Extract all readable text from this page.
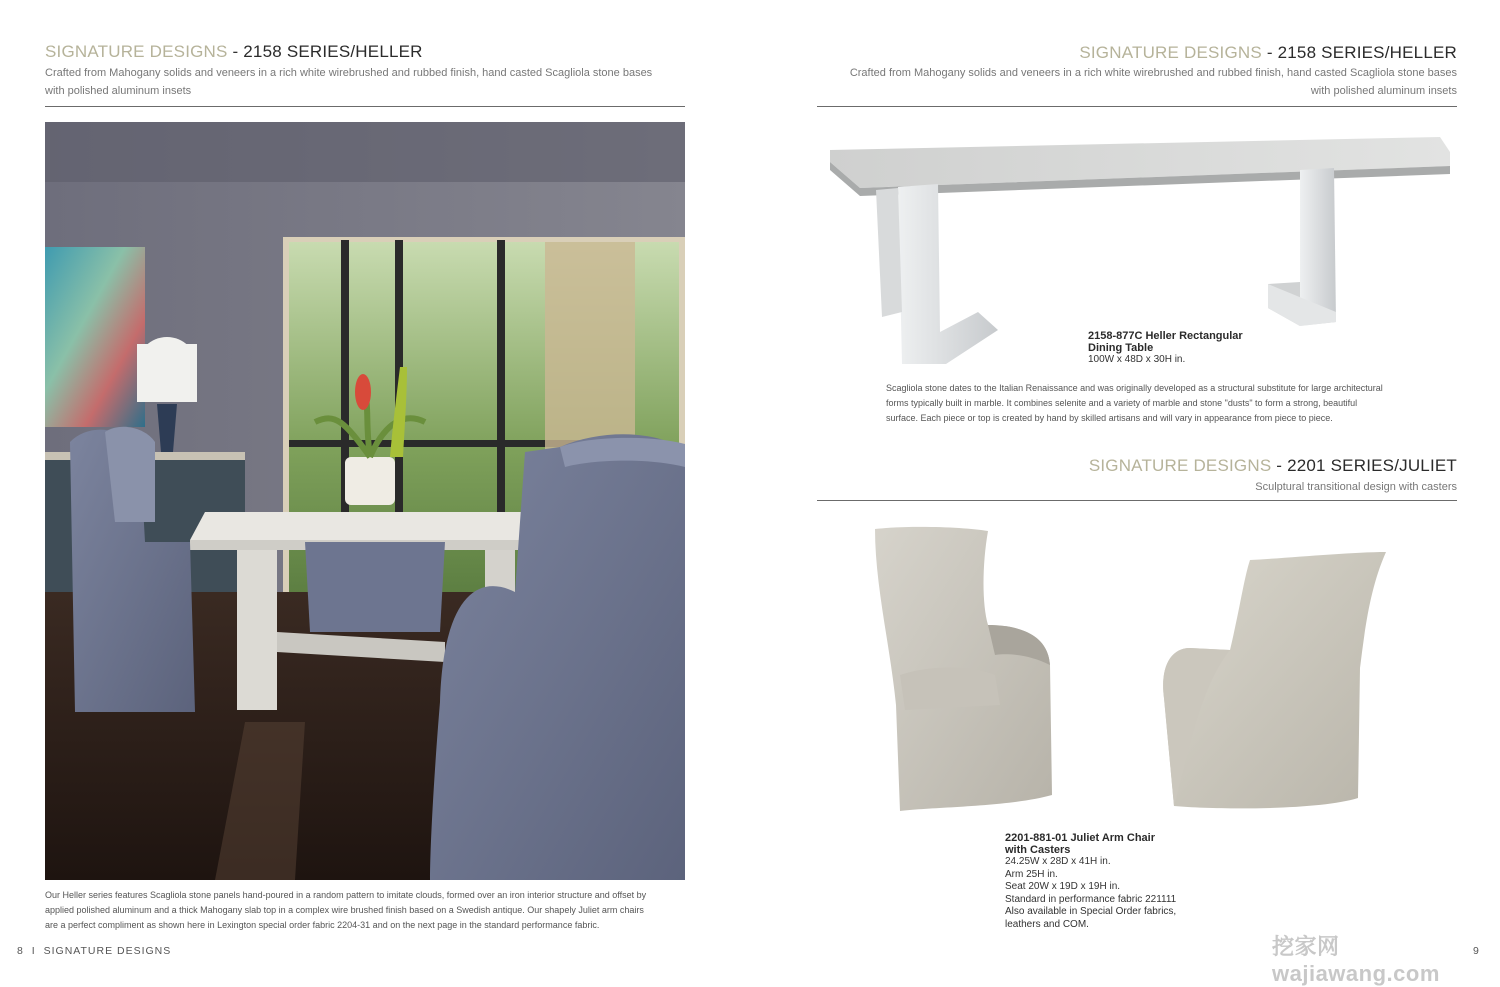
SIGNATURE DESIGNS - 2158 SERIES/HELLER
Crafted from Mahogany solids and veneers in a rich white wirebrushed and rubbed finish, hand casted Scagliola stone bases
with polished aluminum insets
Our Heller series features Scagliola stone panels hand-poured in a random pattern to imitate clouds, formed over an iron interior structure and offset by
applied polished aluminum and a thick Mahogany slab top in a complex wire brushed finish based on a Swedish antique. Our shapely Juliet arm chairs
are a perfect compliment as shown here in Lexington special order fabric 2204-31 and on the next page in the standard performance fabric.
8 I SIGNATURE DESIGNS
SIGNATURE DESIGNS - 2158 SERIES/HELLER
Crafted from Mahogany solids and veneers in a rich white wirebrushed and rubbed finish, hand casted Scagliola stone bases
with polished aluminum insets
2158-877C Heller Rectangular
Dining Table
100W x 48D x 30H in.
Scagliola stone dates to the Italian Renaissance and was originally developed as a structural substitute for large architectural
forms typically built in marble. It combines selenite and a variety of marble and stone "dusts" to form a strong, beautiful
surface. Each piece or top is created by hand by skilled artisans and will vary in appearance from piece to piece.
SIGNATURE DESIGNS - 2201 SERIES/JULIET
Sculptural transitional design with casters
2201-881-01 Juliet Arm Chair
with Casters
24.25W x 28D x 41H in.
Arm 25H in.
Seat 20W x 19D x 19H in.
Standard in performance fabric 221111
Also available in Special Order fabrics,
leathers and COM.
9
挖家网 wajiawang.com
